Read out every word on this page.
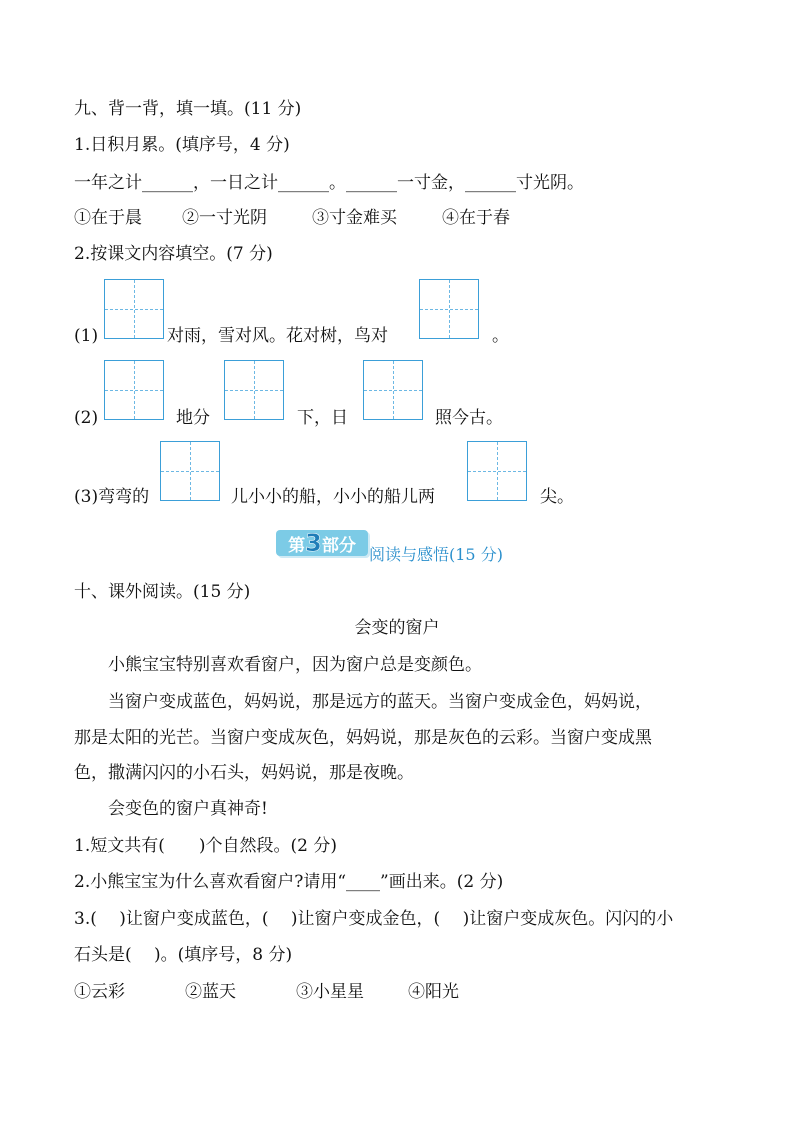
九、背一背，填一填。(11 分)
1.日积月累。(填序号，4 分)
一年之计______，一日之计______。______一寸金，______寸光阴。
①在于晨 ②一寸光阴	③寸金难买	④在于春
2.按课文内容填空。(7 分)
(1)	对雨，雪对风。花对树，鸟对	。
(2)	地分	下，日	照今古。
(3)弯弯的	儿小小的船，小小的船儿两	尖。
第3部分 阅读与感悟(15 分)
十、课外阅读。(15 分)
会变的窗户
小熊宝宝特别喜欢看窗户，因为窗户总是变颜色。
当窗户变成蓝色，妈妈说，那是远方的蓝天。当窗户变成金色，妈妈说，
那是太阳的光芒。当窗户变成灰色，妈妈说，那是灰色的云彩。当窗户变成黑
色，撒满闪闪的小石头，妈妈说，那是夜晚。
会变色的窗户真神奇!
1.短文共有(　　)个自然段。(2 分)
2.小熊宝宝为什么喜欢看窗户?请用“____”画出来。(2 分)
3.(　 )让窗户变成蓝色，(　 )让窗户变成金色，(　 )让窗户变成灰色。闪闪的小
石头是(　 )。(填序号，8 分)
①云彩	②蓝天	③小星星	④阳光
